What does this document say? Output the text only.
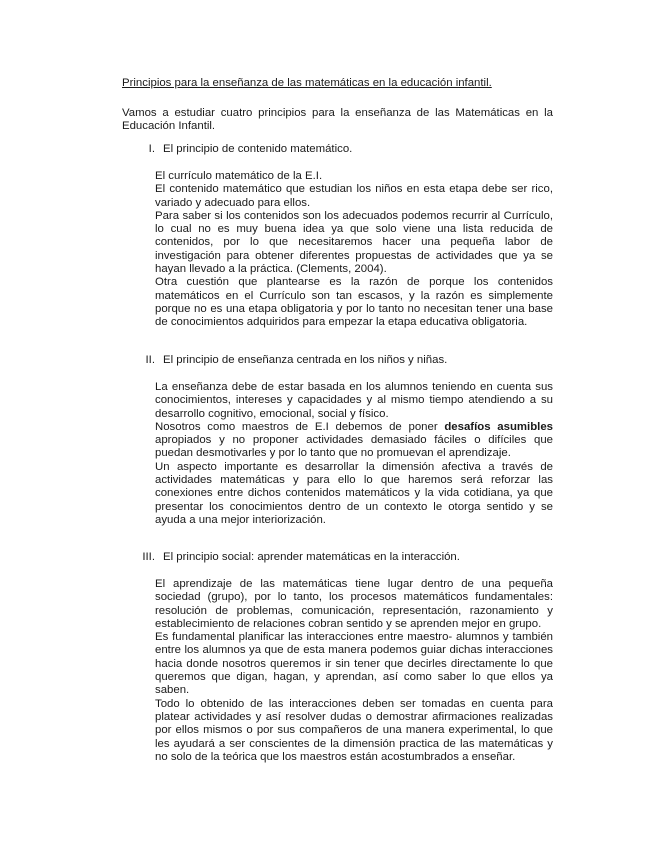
Principios para la enseñanza de las matemáticas en la educación infantil.
Vamos a estudiar cuatro principios para la enseñanza de las Matemáticas en la Educación Infantil.
I. El principio de contenido matemático.

El currículo matemático de la E.I.

El contenido matemático que estudian los niños en esta etapa debe ser rico, variado y adecuado para ellos.

Para saber si los contenidos son los adecuados podemos recurrir al Currículo, lo cual no es muy buena idea ya que solo viene una lista reducida de contenidos, por lo que necesitaremos hacer una pequeña labor de investigación para obtener diferentes propuestas de actividades que ya se hayan llevado a la práctica. (Clements, 2004).

Otra cuestión que plantearse es la razón de porque los contenidos matemáticos en el Currículo son tan escasos, y la razón es simplemente porque no es una etapa obligatoria y por lo tanto no necesitan tener una base de conocimientos adquiridos para empezar la etapa educativa obligatoria.

II. El principio de enseñanza centrada en los niños y niñas.

La enseñanza debe de estar basada en los alumnos teniendo en cuenta sus conocimientos, intereses y capacidades y al mismo tiempo atendiendo a su desarrollo cognitivo, emocional, social y físico.

Nosotros como maestros de E.I debemos de poner desafíos asumibles apropiados y no proponer actividades demasiado fáciles o difíciles que puedan desmotivarles y por lo tanto que no promuevan el aprendizaje.

Un aspecto importante es desarrollar la dimensión afectiva a través de actividades matemáticas y para ello lo que haremos será reforzar las conexiones entre dichos contenidos matemáticos y la vida cotidiana, ya que presentar los conocimientos dentro de un contexto le otorga sentido y se ayuda a una mejor interiorización.

III. El principio social: aprender matemáticas en la interacción.

El aprendizaje de las matemáticas tiene lugar dentro de una pequeña sociedad (grupo), por lo tanto, los procesos matemáticos fundamentales: resolución de problemas, comunicación, representación, razonamiento y establecimiento de relaciones cobran sentido y se aprenden mejor en grupo.

Es fundamental planificar las interacciones entre maestro- alumnos y también entre los alumnos ya que de esta manera podemos guiar dichas interacciones hacia donde nosotros queremos ir sin tener que decirles directamente lo que queremos que digan, hagan, y aprendan, así como saber lo que ellos ya saben.

Todo lo obtenido de las interacciones deben ser tomadas en cuenta para platear actividades y así resolver dudas o demostrar afirmaciones realizadas por ellos mismos o por sus compañeros de una manera experimental, lo que les ayudará a ser conscientes de la dimensión practica de las matemáticas y no solo de la teórica que los maestros están acostumbrados a enseñar.
